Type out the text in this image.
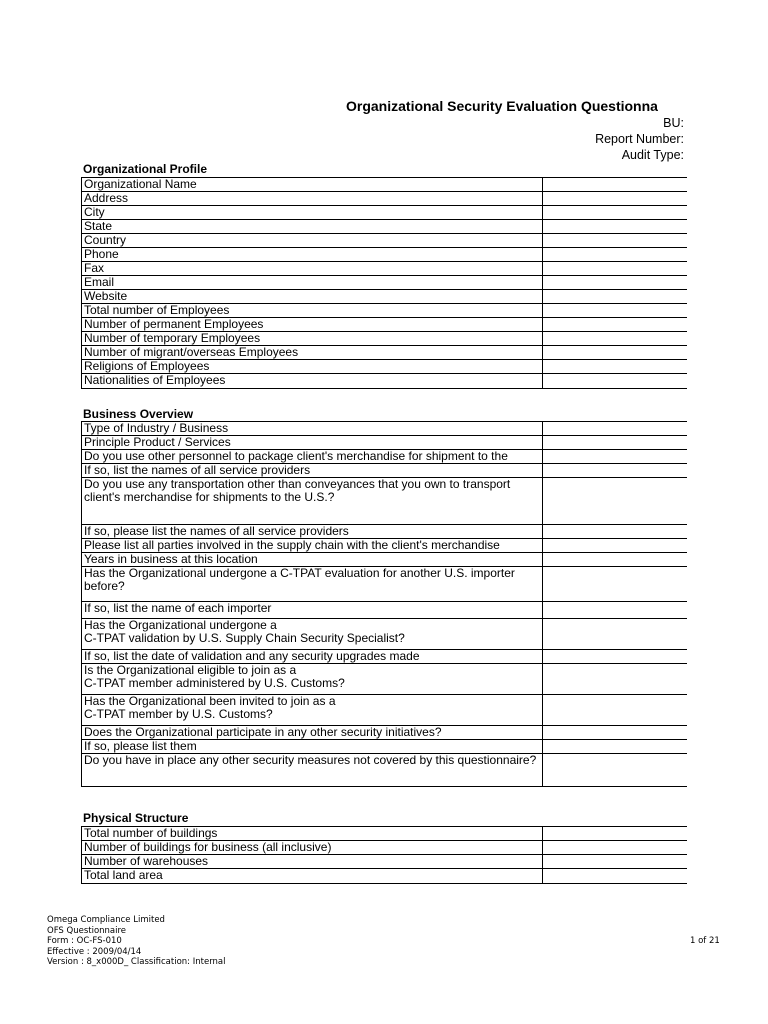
Organizational Security Evaluation Questionna
BU:
Report Number:
Audit Type:
Organizational Profile
Organizational Name	
Address	
City	
State	
Country	
Phone	
Fax	
Email	
Website	
Total number of Employees	
Number of permanent Employees	
Number of temporary Employees	
Number of migrant/overseas Employees	
Religions of Employees	
Nationalities of Employees	
Business Overview
Type of Industry / Business	
Principle Product / Services	
Do you use other personnel to package client's merchandise for shipment to the	
If so, list the names of all service providers	
Do you use any transportation other than conveyances that you own to transport client's merchandise for shipments to the U.S.?	
If so, please list the names of all service providers	
Please list all parties involved in the supply chain with the client's merchandise	
Years in business at this location	
Has the Organizational undergone a C-TPAT evaluation for another U.S. importer before?	
If so, list the name of each importer	
Has the Organizational undergone a
C-TPAT validation by U.S. Supply Chain Security Specialist?	
If so, list the date of validation and any security upgrades made	
Is the Organizational eligible to join as a
C-TPAT member administered by U.S. Customs?	
Has the Organizational been invited to join as a
C-TPAT member by U.S. Customs?	
Does the Organizational participate in any other security initiatives?	
If so, please list them	
Do you have in place any other security measures not covered by this questionnaire?	
Physical Structure
Total number of buildings	
Number of buildings for business (all inclusive)	
Number of warehouses	
Total land area	
Omega Compliance Limited
OFS Questionnaire
Form : OC-FS-010
Effective : 2009/04/14
Version : 8_x000D_ Classification: Internal
1 of 21
